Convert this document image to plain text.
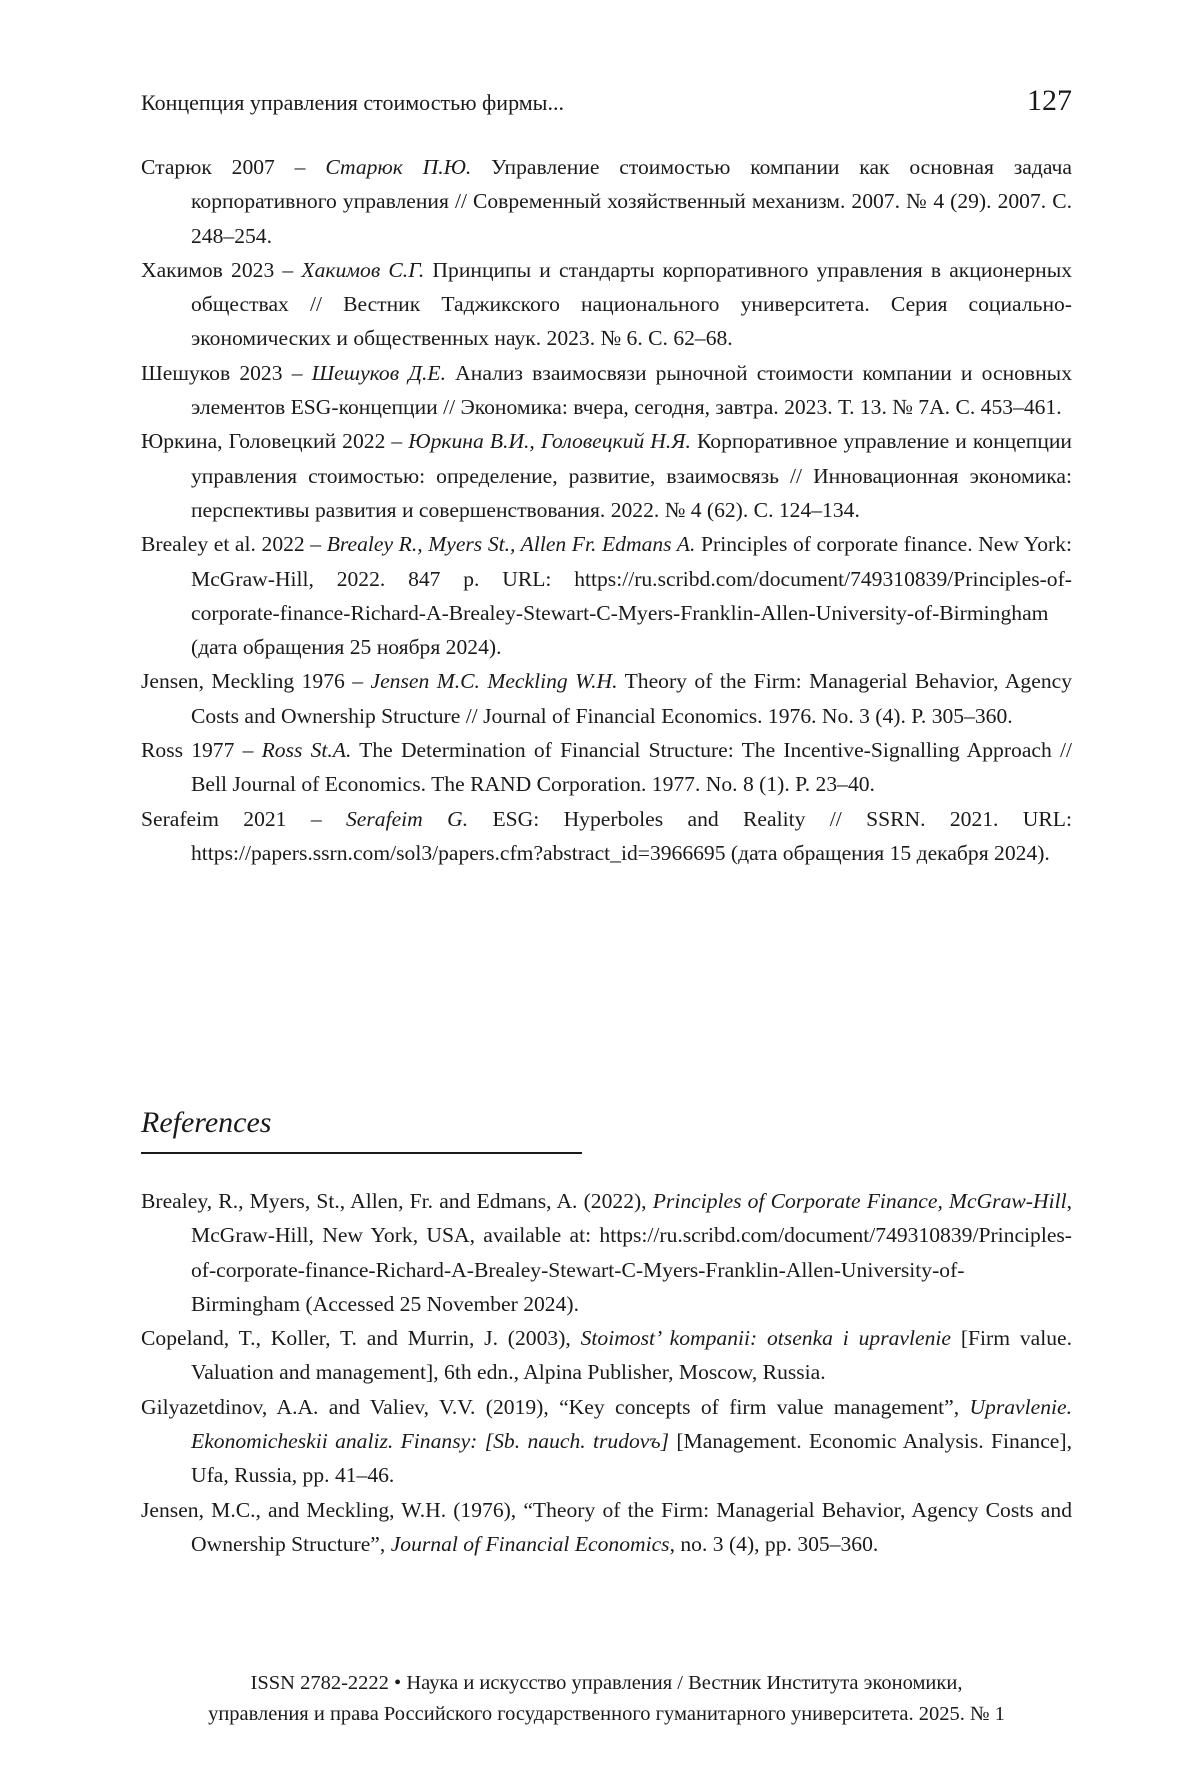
Концепция управления стоимостью фирмы...	127

Старюк 2007 – Старюк П.Ю. Управление стоимостью компании как основная задача корпоративного управления // Современный хозяйственный механизм. 2007. № 4 (29). 2007. С. 248–254.

Хакимов 2023 – Хакимов С.Г. Принципы и стандарты корпоративного управления в акционерных обществах // Вестник Таджикского национального университета. Серия социально-экономических и общественных наук. 2023. № 6. С. 62–68.

Шешуков 2023 – Шешуков Д.Е. Анализ взаимосвязи рыночной стоимости компании и основных элементов ESG-концепции // Экономика: вчера, сегодня, завтра. 2023. Т. 13. № 7А. С. 453–461.

Юркина, Головецкий 2022 – Юркина В.И., Головецкий Н.Я. Корпоративное управление и концепции управления стоимостью: определение, развитие, взаимосвязь // Инновационная экономика: перспективы развития и совершенствования. 2022. № 4 (62). С. 124–134.

Brealey et al. 2022 – Brealey R., Myers St., Allen Fr. Edmans A. Principles of corporate finance. New York: McGraw-Hill, 2022. 847 p. URL: https://ru.scribd.com/document/749310839/Principles-of-corporate-finance-Richard-A-Brealey-Stewart-C-Myers-Franklin-Allen-University-of-Birmingham (дата обращения 25 ноября 2024).

Jensen, Meckling 1976 – Jensen M.C. Meckling W.H. Theory of the Firm: Managerial Behavior, Agency Costs and Ownership Structure // Journal of Financial Economics. 1976. No. 3 (4). P. 305–360.

Ross 1977 – Ross St.A. The Determination of Financial Structure: The Incentive-Signalling Approach // Bell Journal of Economics. The RAND Corporation. 1977. No. 8 (1). P. 23–40.

Serafeim 2021 – Serafeim G. ESG: Hyperboles and Reality // SSRN. 2021. URL: https://papers.ssrn.com/sol3/papers.cfm?abstract_id=3966695 (дата обращения 15 декабря 2024).

References

Brealey, R., Myers, St., Allen, Fr. and Edmans, A. (2022), Principles of Corporate Finance, McGraw-Hill, McGraw-Hill, New York, USA, available at: https://ru.scribd.com/document/749310839/Principles-of-corporate-finance-Richard-A-Brealey-Stewart-C-Myers-Franklin-Allen-University-of-Birmingham (Accessed 25 November 2024).

Copeland, T., Koller, T. and Murrin, J. (2003), Stoimost’ kompanii: otsenka i upravlenie [Firm value. Valuation and management], 6th edn., Alpina Publisher, Moscow, Russia.

Gilyazetdinov, A.A. and Valiev, V.V. (2019), “Key concepts of firm value management”, Upravlenie. Ekonomicheskii analiz. Finansy: [Sb. nauch. trudovъ] [Management. Economic Analysis. Finance], Ufa, Russia, pp. 41–46.

Jensen, M.C., and Meckling, W.H. (1976), “Theory of the Firm: Managerial Behavior, Agency Costs and Ownership Structure”, Journal of Financial Economics, no. 3 (4), pp. 305–360.

ISSN 2782-2222 • Наука и искусство управления / Вестник Института экономики,
управления и права Российского государственного гуманитарного университета. 2025. № 1
